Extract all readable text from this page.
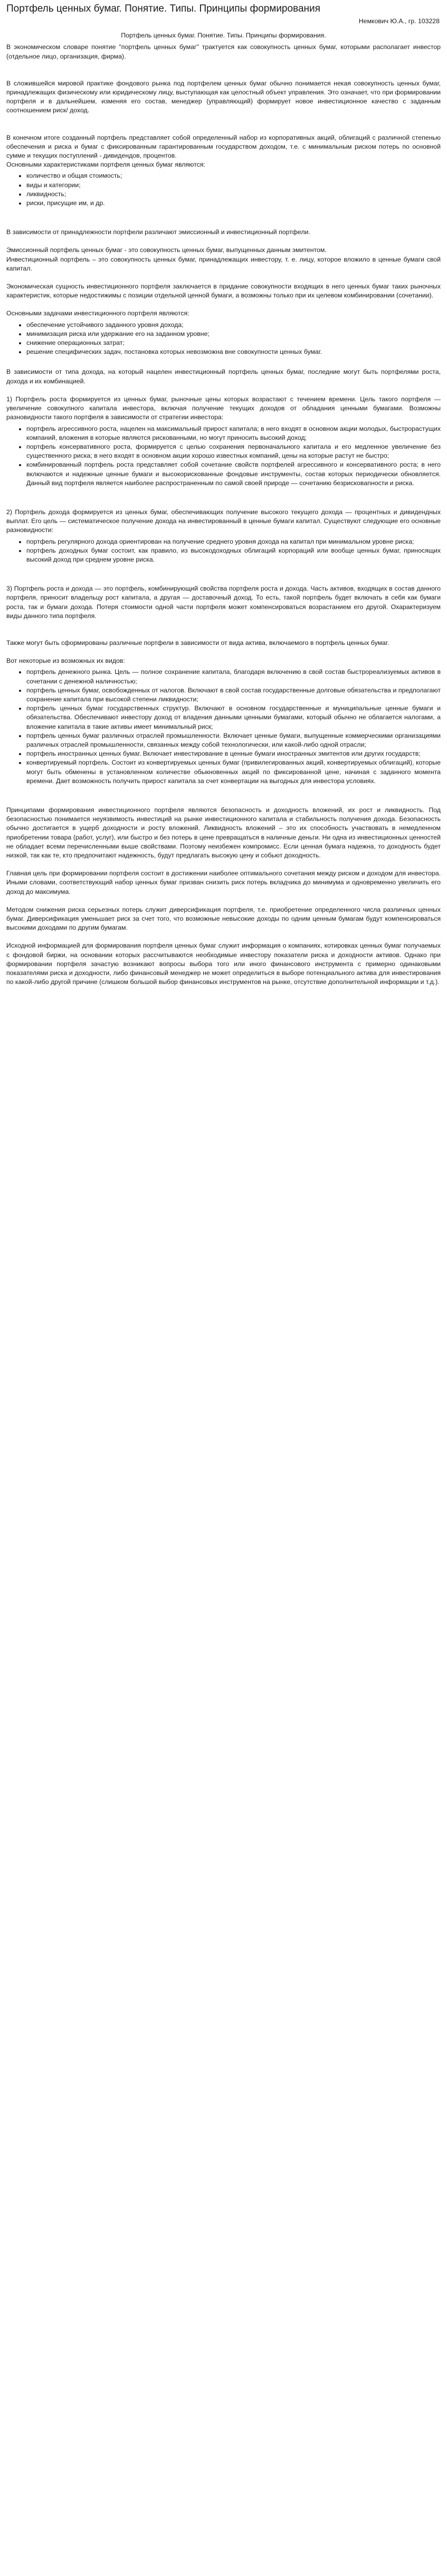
Портфель ценных бумаг. Понятие. Типы. Принципы формирования
Немкович Ю.А., гр. 103228
Портфель ценных бумаг. Понятие. Типы. Принципы формирования.

В экономическом словаре понятие "портфель ценных бумаг" трактуется как совокупность ценных бумаг, которыми располагает инвестор (отдельное лицо, организация, фирма).

В сложившейся мировой практике фондового рынка под портфелем ценных бумаг обычно понимается некая совокупность ценных бумаг, принадлежащих физическому или юридическому лицу, выступающая как целостный объект управления. Это означает, что при формировании портфеля и в дальнейшем, изменяя его состав, менеджер (управляющий) формирует новое инвестиционное качество с заданным соотношением риск/ доход.

В конечном итоге созданный портфель представляет собой определенный набор из корпоративных акций, облигаций с различной степенью обеспечения и риска и бумаг с фиксированным гарантированным государством доходом, т.е. с минимальным риском потерь по основной сумме и текущих поступлений - дивидендов, процентов.

Основными характеристиками портфеля ценных бумаг являются:

• количество и общая стоимость;
• виды и категории;
• ликвидность;
• риски, присущие им, и др.

В зависимости от принадлежности портфели различают эмиссионный и инвестиционный портфели.

Эмиссионный портфель ценных бумаг - это совокупность ценных бумаг, выпущенных данным эмитентом.

Инвестиционный портфель – это совокупность ценных бумаг, принадлежащих инвестору, т. е. лицу, которое вложило в ценные бумаги свой капитал.

Экономическая сущность инвестиционного портфеля заключается в придание совокупности входящих в него ценных бумаг таких рыночных характеристик, которые недостижимы с позиции отдельной ценной бумаги, а возможны только при их целевом комбинировании (сочетании).

Основными задачами инвестиционного портфеля являются:

• обеспечение устойчивого заданного уровня дохода;
• минимизация риска или удержание его на заданном уровне;
• снижение операционных затрат;
• решение специфических задач, постановка которых невозможна вне совокупности ценных бумаг.

В зависимости от типа дохода, на который нацелен инвестиционный портфель ценных бумаг, последние могут быть портфелями роста, дохода и их комбинацией.

1) Портфель роста формируется из ценных бумаг, рыночные цены которых возрастают с течением времени. Цель такого портфеля — увеличение совокупного капитала инвестора, включая получение текущих доходов от обладания ценными бумагами. Возможны разновидности такого портфеля в зависимости от стратегии инвестора:

• портфель агрессивного роста, нацелен на максимальный прирост капитала; в него входят в основном акции молодых, быстрорастущих компаний, вложения в которые являются рискованными, но могут приносить высокий доход;
• портфель консервативного роста, формируется с целью сохранения первоначального капитала и его медленное увеличение без существенного риска; в него входят в основном акции хорошо известных компаний, цены на которые растут не быстро;
• комбинированный портфель роста представляет собой сочетание свойств портфелей агрессивного и консервативного роста; в него включаются и надежные ценные бумаги и высокорискованные фондовые инструменты, состав которых периодически обновляется. Данный вид портфеля является наиболее распространенным по самой своей природе — сочетанию безрисковanности и риска.

2) Портфель дохода формируется из ценных бумаг, обеспечивающих получение высокого текущего дохода — процентных и дивидендных выплат. Его цель — систематическое получение дохода на инвестированный в ценные бумаги капитал. Существуют следующие его основные разновидности:

• портфель регулярного дохода ориентирован на получение среднего уровня дохода на капитал при минимальном уровне риска;
• портфель доходных бумаг состоит, как правило, из высокодоходных облигаций корпораций или вообще ценных бумаг, приносящих высокий доход при среднем уровне риска.

3) Портфель роста и дохода — это портфель, комбинирующий свойства портфеля роста и дохода. Часть активов, входящих в состав данного портфеля, приносит владельцу рост капитала, а другая — доставочный доход. То есть, такой портфель будет включать в себя как бумаги роста, так и бумаги дохода. Потеря стоимости одной части портфеля может компенсироваться возрастанием его другой. Охарактеризуем виды данного типа портфеля.

Также могут быть сформированы различные портфели в зависимости от вида актива, включаемого в портфель ценных бумаг.

Вот некоторые из возможных их видов:

• портфель денежного рынка. Цель — полное сохранение капитала, благодаря включению в свой состав быстрореализуемых активов в сочетании с денежной наличностью;
• портфель ценных бумаг, освобожденных от налогов. Включают в свой состав государственные долговые обязательства и предполагают сохранение капитала при высокой степени ликвидности;
• портфель ценных бумаг государственных структур. Включают в основном государственные и муниципальные ценные бумаги и обязательства. Обеспечивают инвестору доход от владения данными ценными бумагами, который обычно не облагается налогами, а вложение капитала в такие активы имеет минимальный риск;
• портфель ценных бумаг различных отраслей промышленности. Включает ценные бумаги, выпущенные коммерческими организациями различных отраслей промышленности, связанных между собой технологически, или какой-либо одной отрасли;
• портфель иностранных ценных бумаг. Включает инвестирование в ценные бумаги иностранных эмитентов или других государств;
• конвертируемый портфель. Состоит из конвертируемых ценных бумаг (привилегированных акций, конвертируемых облигаций), которые могут быть обменены в установленном количестве обыкновенных акций по фиксированной цене, начиная с заданного момента времени. Дает возможность получить прирост капитала за счет конвертации на выгодных для инвестора условиях.

Принципами формирования инвестиционного портфеля являются безопасность и доходность вложений, их рост и ликвидность. Под безопасностью понимается неуязвимость инвестиций на рынке инвестиционного капитала и стабильность получения дохода. Безопасность обычно достигается в ущерб доходности и росту вложений. Ликвидность вложений – это их способность участвовать в немедленном приобретении товара (работ, услуг), или быстро и без потерь в цене превращаться в наличные деньги. Ни одна из инвестиционных ценностей не обладает всеми перечисленными выше свойствами. Поэтому неизбежен компромисс. Если ценная бумага надежна, то доходность будет низкой, так как те, кто предпочитают надежность, будут предлагать высокую цену и собьют доходность.

Главная цель при формировании портфеля состоит в достижении наиболее оптимального сочетания между риском и доходом для инвестора. Иными словами, соответствующий набор ценных бумаг призван снизить риск потерь вкладчика до минимума и одновременно увеличить его доход до максимума.

Методом снижения риска серьезных потерь служит диверсификация портфеля, т.е. приобретение определенного числа различных ценных бумаг. Диверсификация уменьшает риск за счет того, что возможные невысокие доходы по одним ценным бумагам будут компенсироваться высокими доходами по другим бумагам.

Исходной информацией для формирования портфеля ценных бумаг служит информация о компаниях, котировках ценных бумаг получаемых с фондовой биржи, на основании которых рассчитываются необходимые инвестору показатели риска и доходности активов. Однако при формировании портфеля зачастую возникают вопросы выбора того или иного финансового инструмента с примерно одинаковыми показателями риска и доходности, либо финансовый менеджер не может определиться в выборе потенциального актива для инвестирования по какой-либо другой причине (слишком большой выбор финансовых инструментов на рынке, отсутствие дополнительной информации и т.д.).
